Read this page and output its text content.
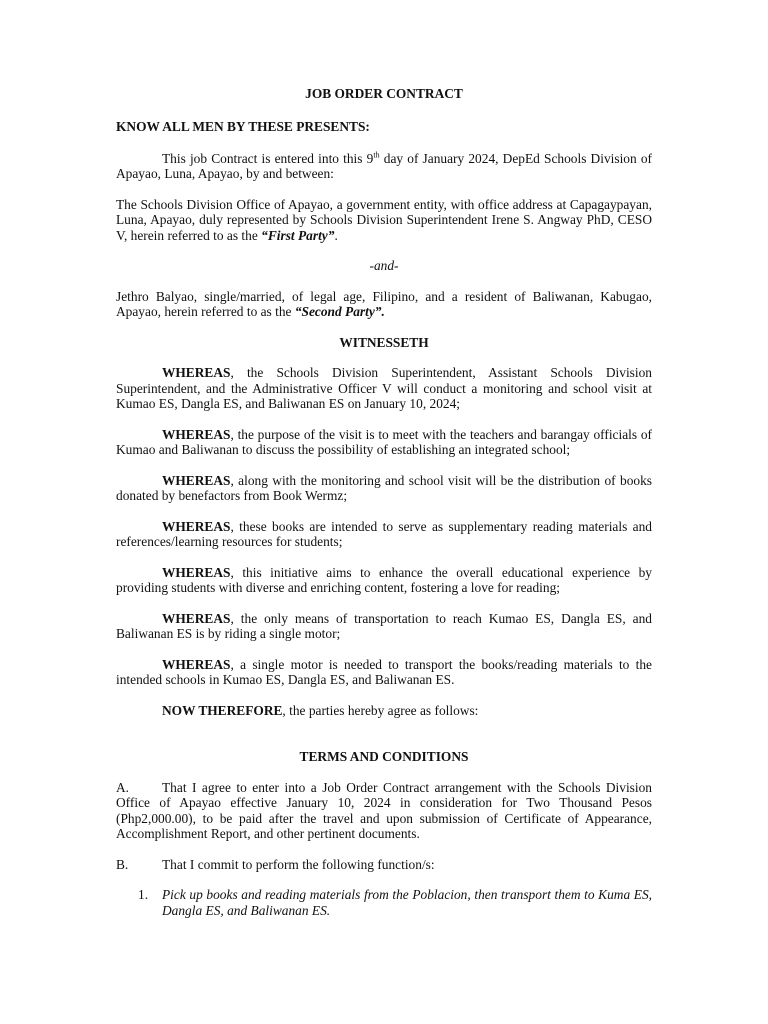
JOB ORDER CONTRACT
KNOW ALL MEN BY THESE PRESENTS:

This job Contract is entered into this 9th day of January 2024, DepEd Schools Division of Apayao, Luna, Apayao, by and between:

The Schools Division Office of Apayao, a government entity, with office address at Capagaypayan, Luna, Apayao, duly represented by Schools Division Superintendent Irene S. Angway PhD, CESO V, herein referred to as the “First Party”.

-and-

Jethro Balyao, single/married, of legal age, Filipino, and a resident of Baliwanan, Kabugao, Apayao, herein referred to as the “Second Party”.

WITNESSETH

WHEREAS, the Schools Division Superintendent, Assistant Schools Division Superintendent, and the Administrative Officer V will conduct a monitoring and school visit at Kumao ES, Dangla ES, and Baliwanan ES on January 10, 2024;

WHEREAS, the purpose of the visit is to meet with the teachers and barangay officials of Kumao and Baliwanan to discuss the possibility of establishing an integrated school;

WHEREAS, along with the monitoring and school visit will be the distribution of books donated by benefactors from Book Wermz;

WHEREAS, these books are intended to serve as supplementary reading materials and references/learning resources for students;

WHEREAS, this initiative aims to enhance the overall educational experience by providing students with diverse and enriching content, fostering a love for reading;

WHEREAS, the only means of transportation to reach Kumao ES, Dangla ES, and Baliwanan ES is by riding a single motor;

WHEREAS, a single motor is needed to transport the books/reading materials to the intended schools in Kumao ES, Dangla ES, and Baliwanan ES.

NOW THEREFORE, the parties hereby agree as follows:

TERMS AND CONDITIONS

A. That I agree to enter into a Job Order Contract arrangement with the Schools Division Office of Apayao effective January 10, 2024 in consideration for Two Thousand Pesos (Php2,000.00), to be paid after the travel and upon submission of Certificate of Appearance, Accomplishment Report, and other pertinent documents.

B.	That I commit to perform the following function/s:

1. Pick up books and reading materials from the Poblacion, then transport them to Kuma ES, Dangla ES, and Baliwanan ES.
